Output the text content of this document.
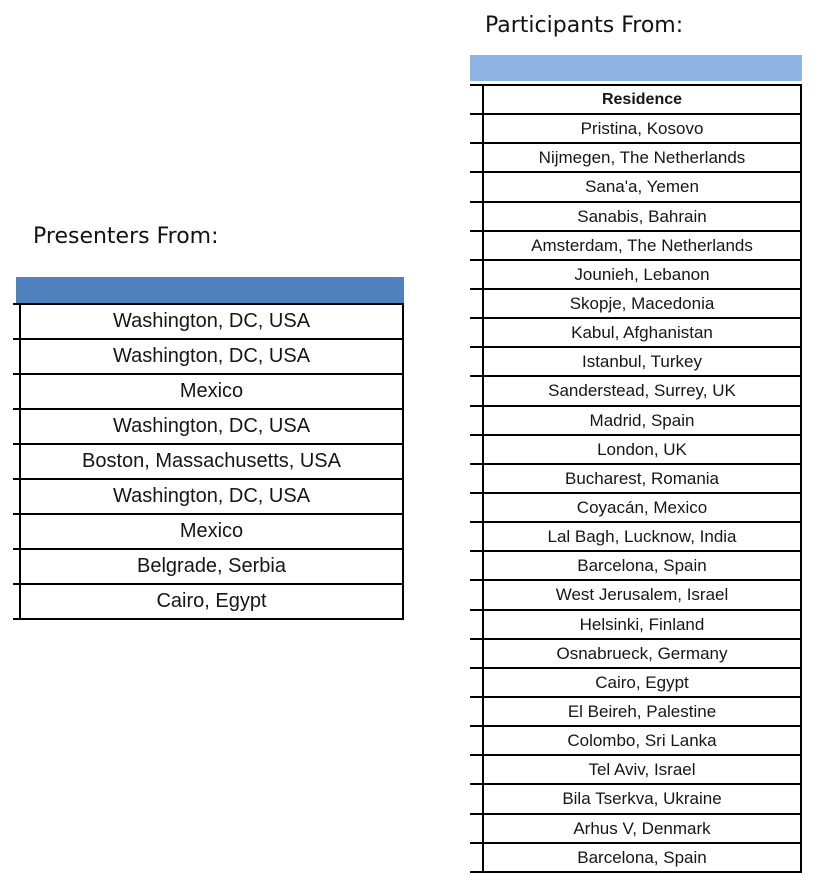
Presenters From:
Washington, DC, USA
Washington, DC, USA
Mexico
Washington, DC, USA
Boston, Massachusetts, USA
Washington, DC, USA
Mexico
Belgrade, Serbia
Cairo, Egypt
Participants From:
Residence
Pristina, Kosovo
Nijmegen, The Netherlands
Sana'a, Yemen
Sanabis, Bahrain
Amsterdam, The Netherlands
Jounieh, Lebanon
Skopje, Macedonia
Kabul, Afghanistan
Istanbul, Turkey
Sanderstead, Surrey, UK
Madrid, Spain
London, UK
Bucharest, Romania
Coyacán, Mexico
Lal Bagh, Lucknow, India
Barcelona, Spain
West Jerusalem, Israel
Helsinki, Finland
Osnabrueck, Germany
Cairo, Egypt
El Beireh, Palestine
Colombo, Sri Lanka
Tel Aviv, Israel
Bila Tserkva, Ukraine
Arhus V, Denmark
Barcelona, Spain
